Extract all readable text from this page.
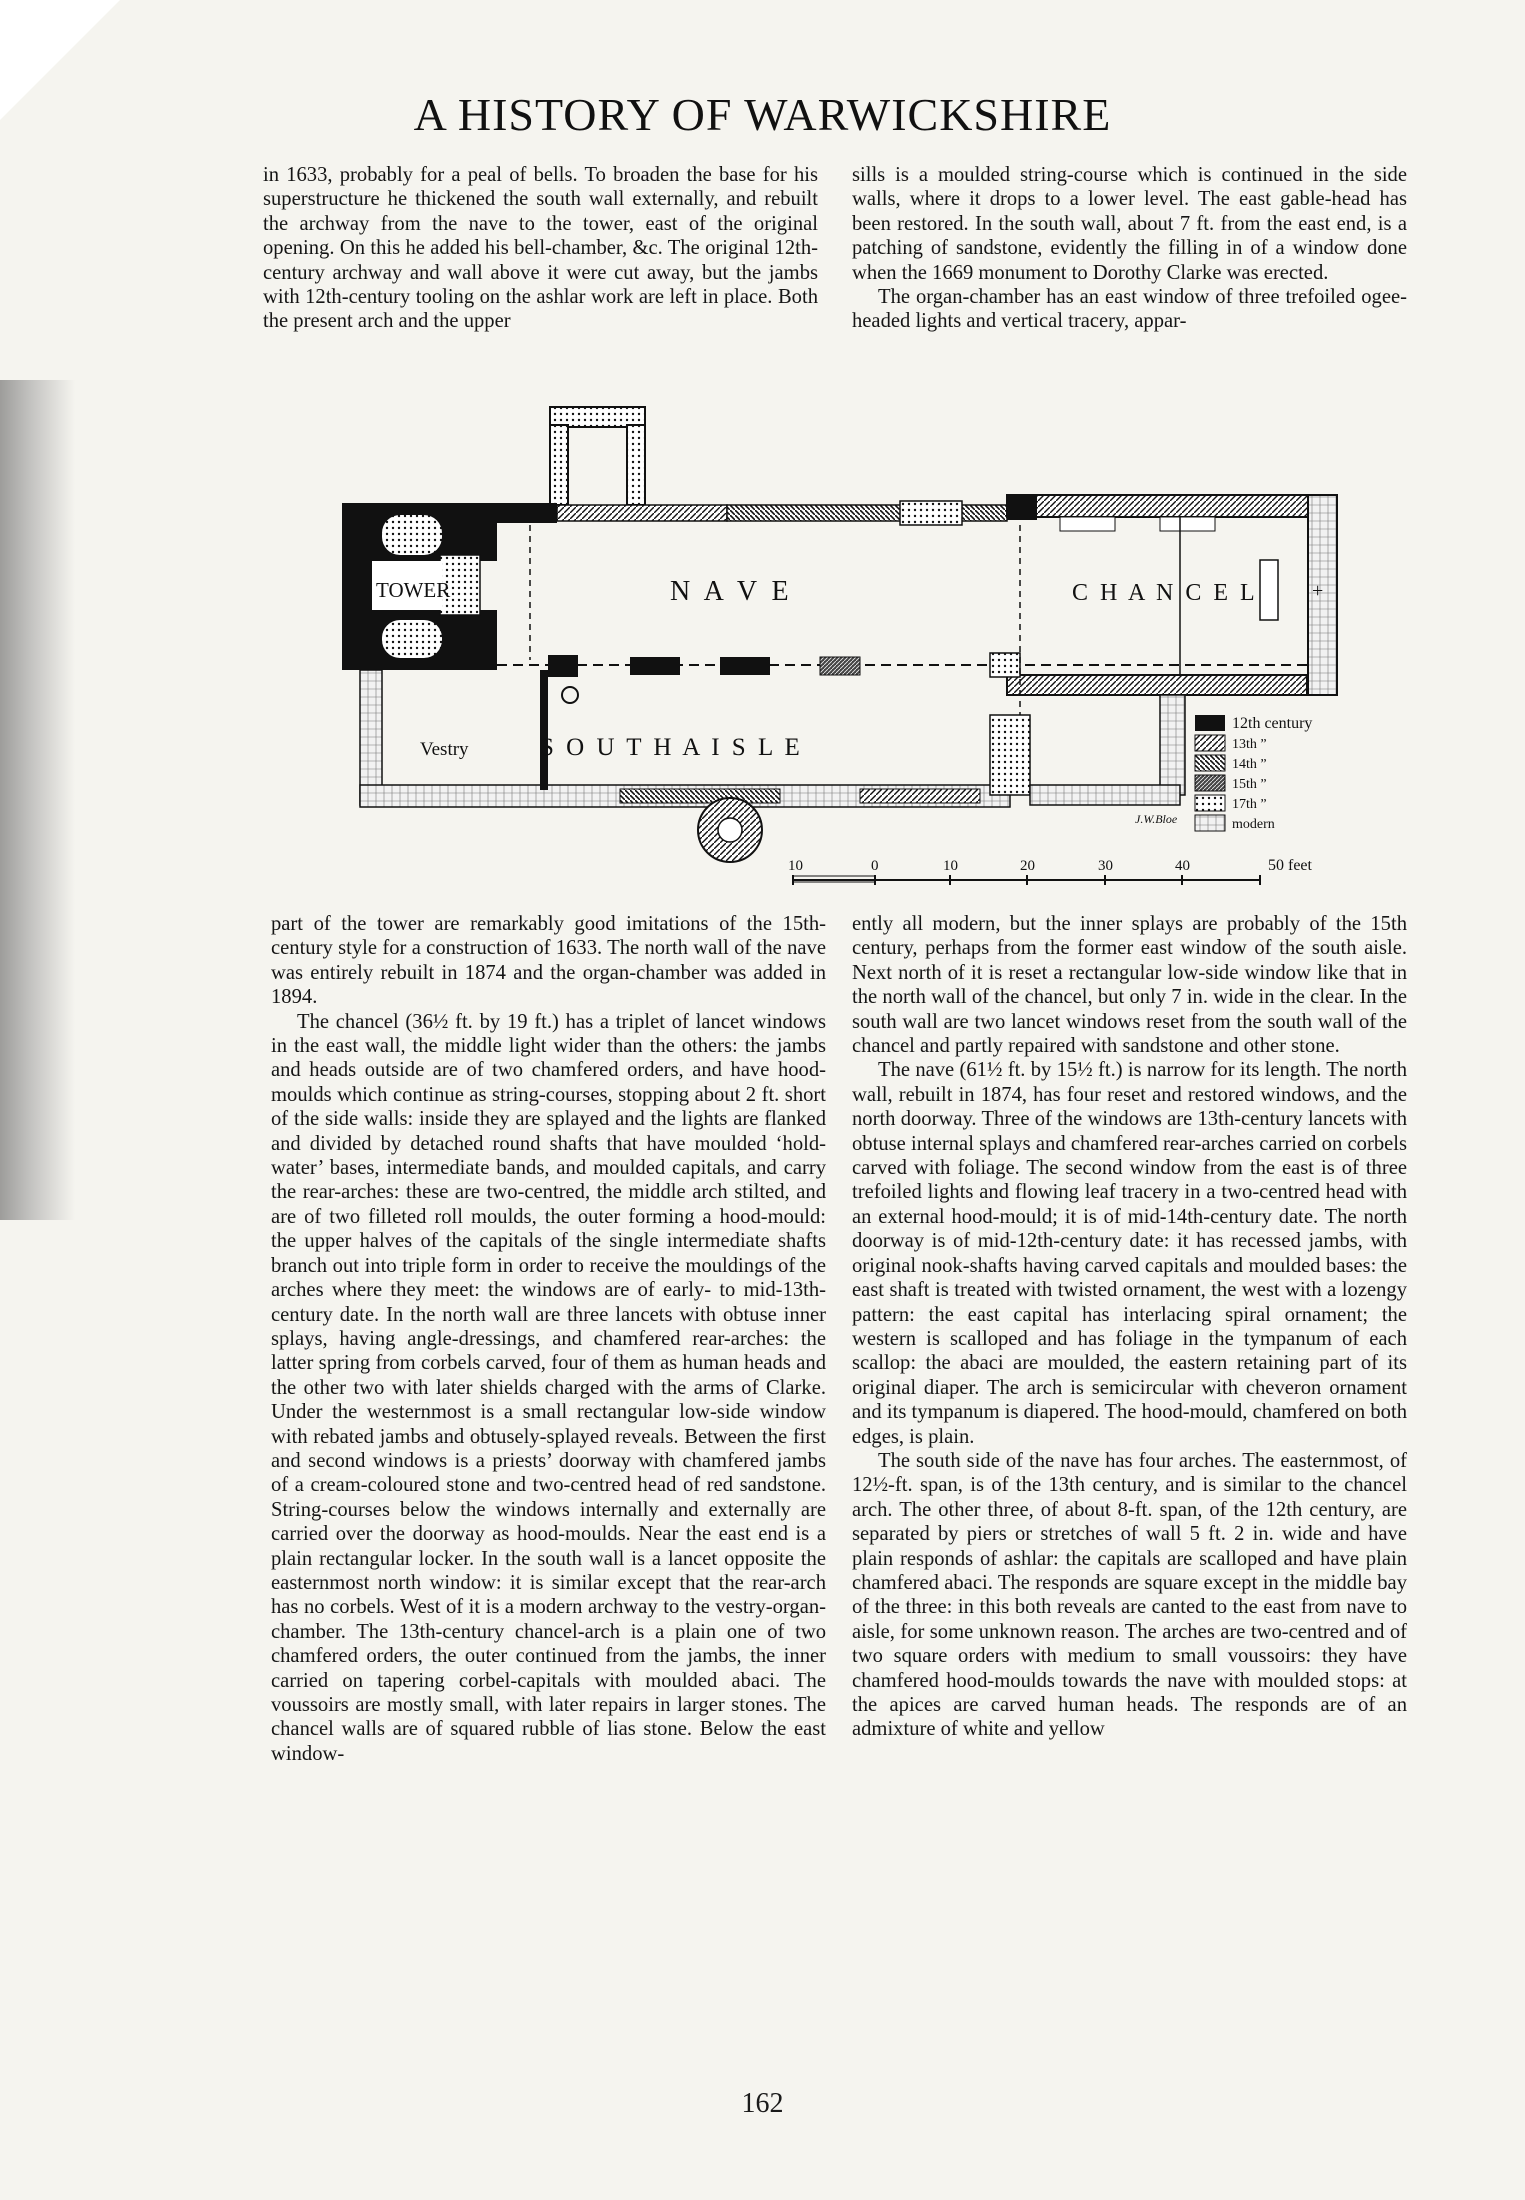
A HISTORY OF WARWICKSHIRE

in 1633, probably for a peal of bells. To broaden the base for his superstructure he thickened the south wall externally, and rebuilt the archway from the nave to the tower, east of the original opening. On this he added his bell-chamber, &c. The original 12th-century archway and wall above it were cut away, but the jambs with 12th-century tooling on the ashlar work are left in place. Both the present arch and the upper

sills is a moulded string-course which is continued in the side walls, where it drops to a lower level. The east gable-head has been restored. In the south wall, about 7 ft. from the east end, is a patching of sandstone, evidently the filling in of a window done when the 1669 monument to Dorothy Clarke was erected.

The organ-chamber has an east window of three trefoiled ogee-headed lights and vertical tracery, appar-

TOWER	C H A N C E L	+
N A V E
Vestry	S O U T H A I S L E
12th century
13th ”
14th ”
15th ”
17th ”
modern
J.W.Bloe
10	0	10	20	30	40	50 feet

part of the tower are remarkably good imitations of the 15th-century style for a construction of 1633. The north wall of the nave was entirely rebuilt in 1874 and the organ-chamber was added in 1894.

The chancel (36½ ft. by 19 ft.) has a triplet of lancet windows in the east wall, the middle light wider than the others: the jambs and heads outside are of two chamfered orders, and have hood-moulds which continue as string-courses, stopping about 2 ft. short of the side walls: inside they are splayed and the lights are flanked and divided by detached round shafts that have moulded ‘hold-water’ bases, intermediate bands, and moulded capitals, and carry the rear-arches: these are two-centred, the middle arch stilted, and are of two filleted roll moulds, the outer forming a hood-mould: the upper halves of the capitals of the single intermediate shafts branch out into triple form in order to receive the mouldings of the arches where they meet: the windows are of early- to mid-13th-century date. In the north wall are three lancets with obtuse inner splays, having angle-dressings, and chamfered rear-arches: the latter spring from corbels carved, four of them as human heads and the other two with later shields charged with the arms of Clarke. Under the westernmost is a small rectangular low-side window with rebated jambs and obtusely-splayed reveals. Between the first and second windows is a priests’ doorway with chamfered jambs of a cream-coloured stone and two-centred head of red sandstone. String-courses below the windows internally and externally are carried over the doorway as hood-moulds. Near the east end is a plain rectangular locker. In the south wall is a lancet opposite the easternmost north window: it is similar except that the rear-arch has no corbels. West of it is a modern archway to the vestry-organ-chamber. The 13th-century chancel-arch is a plain one of two chamfered orders, the outer continued from the jambs, the inner carried on tapering corbel-capitals with moulded abaci. The voussoirs are mostly small, with later repairs in larger stones. The chancel walls are of squared rubble of lias stone. Below the east window-

ently all modern, but the inner splays are probably of the 15th century, perhaps from the former east window of the south aisle. Next north of it is reset a rectangular low-side window like that in the north wall of the chancel, but only 7 in. wide in the clear. In the south wall are two lancet windows reset from the south wall of the chancel and partly repaired with sandstone and other stone.

The nave (61½ ft. by 15½ ft.) is narrow for its length. The north wall, rebuilt in 1874, has four reset and restored windows, and the north doorway. Three of the windows are 13th-century lancets with obtuse internal splays and chamfered rear-arches carried on corbels carved with foliage. The second window from the east is of three trefoiled lights and flowing leaf tracery in a two-centred head with an external hood-mould; it is of mid-14th-century date. The north doorway is of mid-12th-century date: it has recessed jambs, with original nook-shafts having carved capitals and moulded bases: the east shaft is treated with twisted ornament, the west with a lozengy pattern: the east capital has interlacing spiral ornament; the western is scalloped and has foliage in the tympanum of each scallop: the abaci are moulded, the eastern retaining part of its original diaper. The arch is semicircular with cheveron ornament and its tympanum is diapered. The hood-mould, chamfered on both edges, is plain.

The south side of the nave has four arches. The easternmost, of 12½-ft. span, is of the 13th century, and is similar to the chancel arch. The other three, of about 8-ft. span, of the 12th century, are separated by piers or stretches of wall 5 ft. 2 in. wide and have plain responds of ashlar: the capitals are scalloped and have plain chamfered abaci. The responds are square except in the middle bay of the three: in this both reveals are canted to the east from nave to aisle, for some unknown reason. The arches are two-centred and of two square orders with medium to small voussoirs: they have chamfered hood-moulds towards the nave with moulded stops: at the apices are carved human heads. The responds are of an admixture of white and yellow

162
